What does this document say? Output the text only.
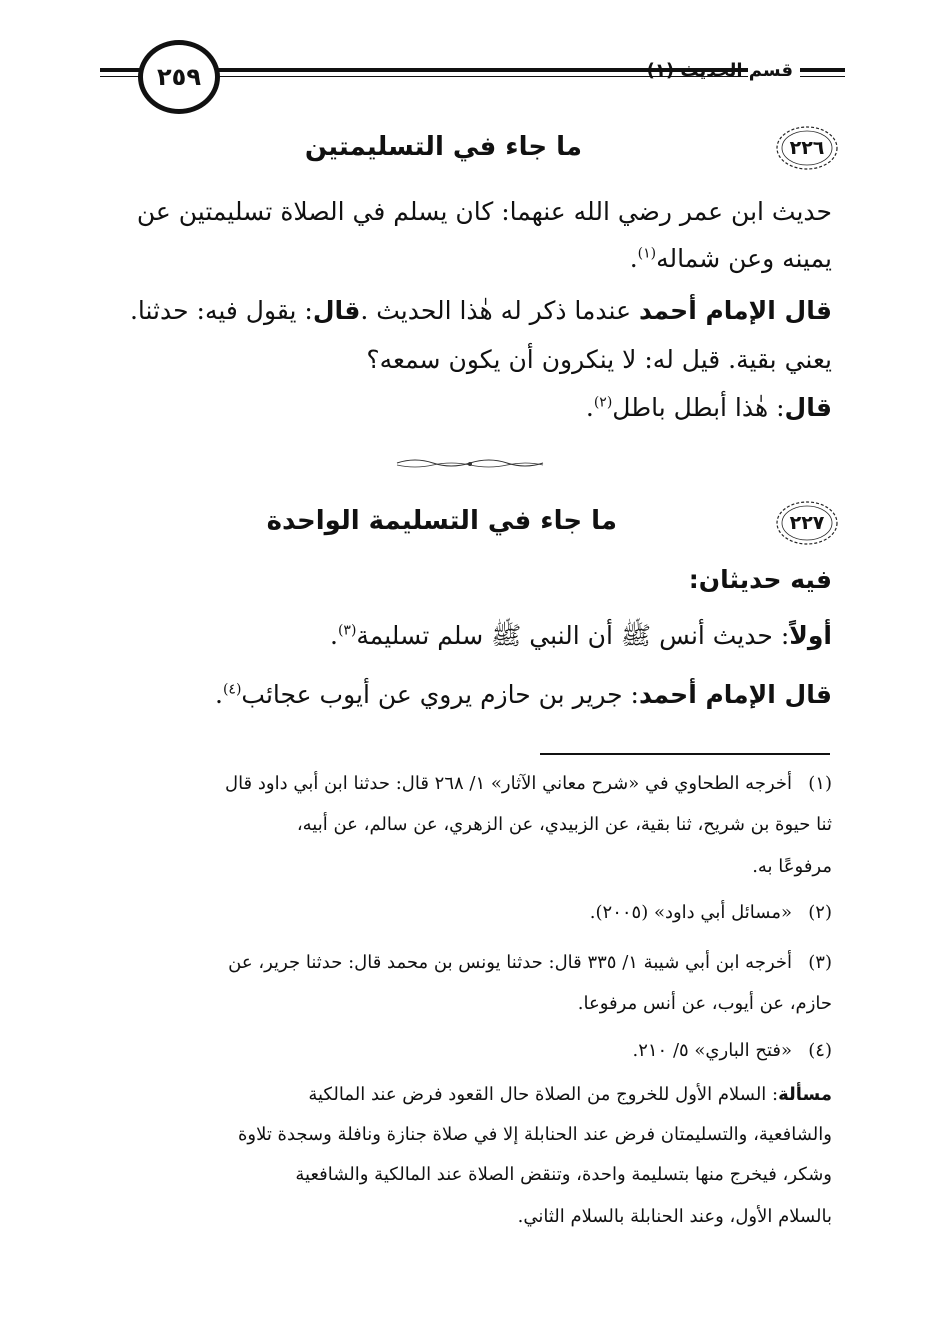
٢٥٩	قسم الحديث (١)
٢٢٦
ما جاء في التسليمتين
حديث ابن عمر رضي الله عنهما: كان يسلم في الصلاة تسليمتين عن
يمينه وعن شماله$^{(١)}$.
قال الإمام أحمد عندما ذكر له هٰذا الحديث .قال: يقول فيه: حدثنا.
يعني بقية. قيل له: لا ينكرون أن يكون سمعه؟
قال: هٰذا أبطل باطل$^{(٢)}$.
٢٢٧
ما جاء في التسليمة الواحدة
فيه حديثان:
أولاً: حديث أنس ﷺ أن النبي ﷺ سلم تسليمة$^{(٣)}$.
قال الإمام أحمد: جرير بن حازم يروي عن أيوب عجائب$^{(٤)}$.
(١)
أخرجه الطحاوي في «شرح معاني الآثار» ١/ ٢٦٨ قال: حدثنا ابن أبي داود قال
ثنا حيوة بن شريح، ثنا بقية، عن الزبيدي، عن الزهري، عن سالم، عن أبيه،
مرفوعًا به.
(٢)
«مسائل أبي داود» (٢٠٠٥).
(٣)
أخرجه ابن أبي شيبة ١/ ٣٣٥ قال: حدثنا يونس بن محمد قال: حدثنا جرير، عن
حازم، عن أيوب، عن أنس مرفوعا.
(٤)
«فتح الباري» ٥/ ٢١٠.
مسألة: السلام الأول للخروج من الصلاة حال القعود فرض عند المالكية
والشافعية، والتسليمتان فرض عند الحنابلة إلا في صلاة جنازة ونافلة وسجدة تلاوة
وشكر، فيخرج منها بتسليمة واحدة، وتنقض الصلاة عند المالكية والشافعية
بالسلام الأول، وعند الحنابلة بالسلام الثاني.
